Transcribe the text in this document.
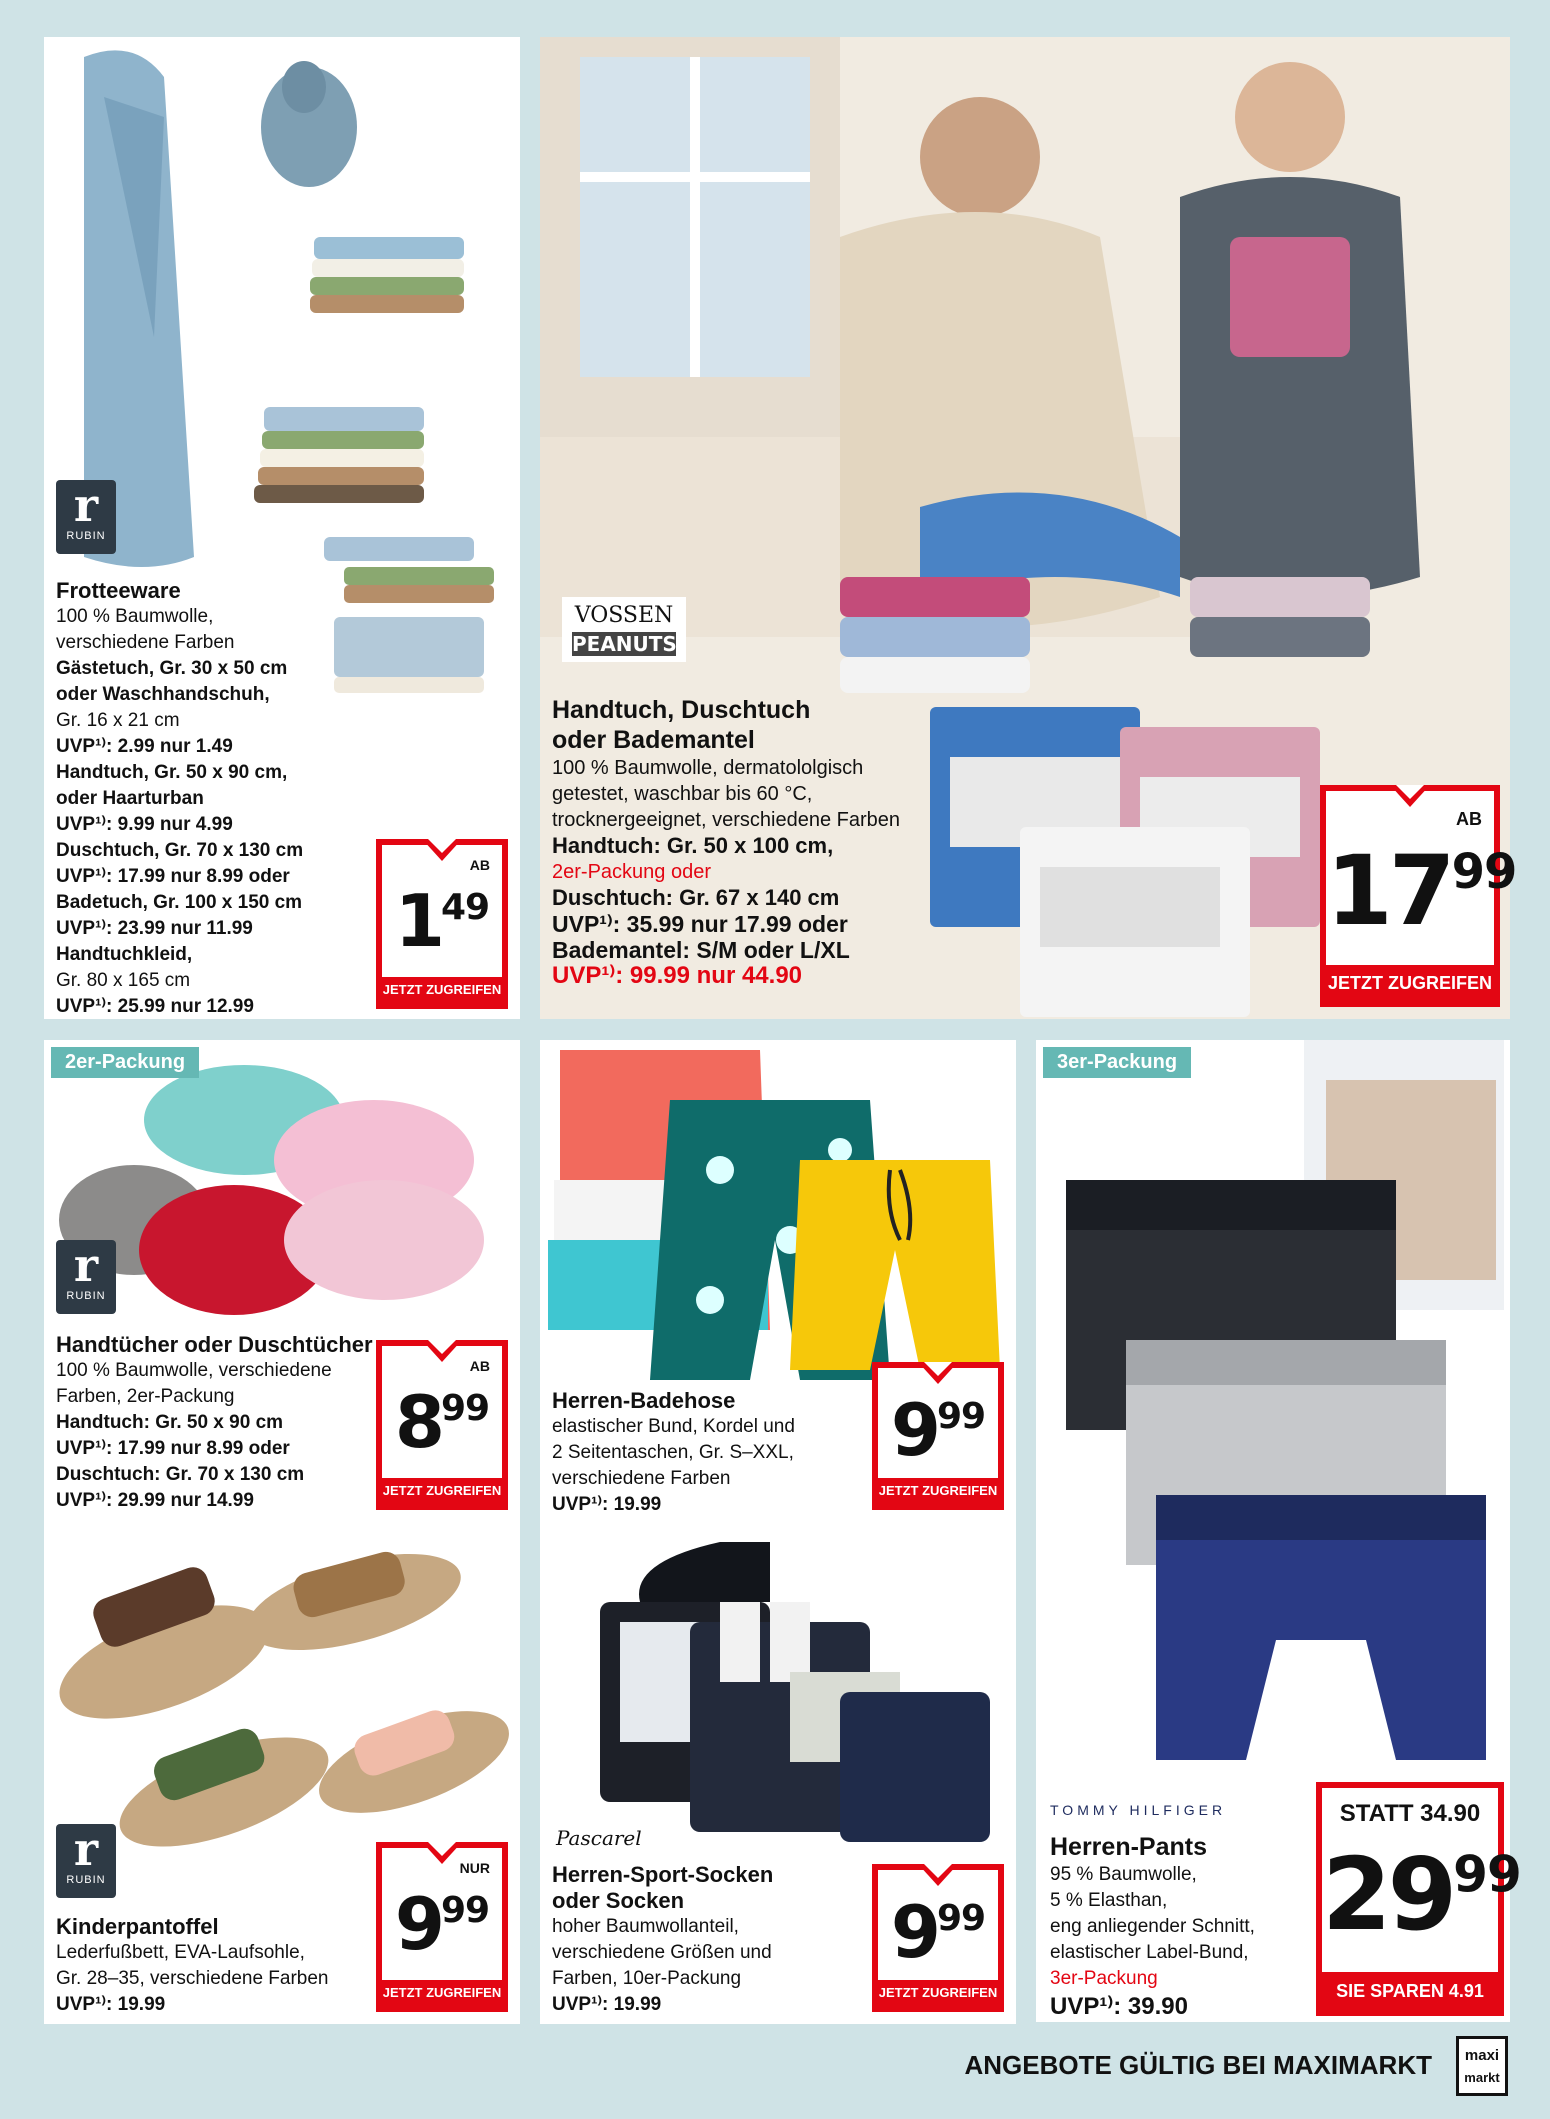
r
RUBIN
Frotteeware
100 % Baumwolle,
verschiedene Farben
Gästetuch, Gr. 30 x 50 cm
oder Waschhandschuh,
Gr. 16 x 21 cm
UVP¹⁾: 2.99 nur 1.49
Handtuch, Gr. 50 x 90 cm,
oder Haarturban
UVP¹⁾: 9.99 nur 4.99
Duschtuch, Gr. 70 x 130 cm
UVP¹⁾: 17.99 nur 8.99 oder
Badetuch, Gr. 100 x 150 cm
UVP¹⁾: 23.99 nur 11.99
Handtuchkleid,
Gr. 80 x 165 cm
UVP¹⁾: 25.99 nur 12.99
AB
$1^{49}$
JETZT ZUGREIFEN
VOSSEN
PEANUTS
Handtuch, Duschtuch
oder Bademantel
100 % Baumwolle, dermatololgisch
getestet, waschbar bis 60 °C,
trocknergeeignet, verschiedene Farben
Handtuch: Gr. 50 x 100 cm,
2er-Packung oder
Duschtuch: Gr. 67 x 140 cm
UVP¹⁾: 35.99 nur 17.99 oder
Bademantel: S/M oder L/XL
UVP¹⁾: 99.99 nur 44.90
AB
$17^{99}$
JETZT ZUGREIFEN
2er-Packung
r
RUBIN
Handtücher oder Duschtücher
100 % Baumwolle, verschiedene
Farben, 2er-Packung
Handtuch: Gr. 50 x 90 cm
UVP¹⁾: 17.99 nur 8.99 oder
Duschtuch: Gr. 70 x 130 cm
UVP¹⁾: 29.99 nur 14.99
AB
$8^{99}$
JETZT ZUGREIFEN
Herren-Badehose
elastischer Bund, Kordel und
2 Seitentaschen, Gr. S–XXL,
verschiedene Farben
UVP¹⁾: 19.99
$9^{99}$
JETZT ZUGREIFEN
3er-Packung
TOMMY HILFIGER
Herren-Pants
95 % Baumwolle,
5 % Elasthan,
eng anliegender Schnitt,
elastischer Label-Bund,
3er-Packung
UVP¹⁾: 39.90
STATT 34.90
$29^{99}$
SIE SPAREN 4.91
r
RUBIN
Kinderpantoffel
Lederfußbett, EVA-Laufsohle,
Gr. 28–35, verschiedene Farben
UVP¹⁾: 19.99
NUR
$9^{99}$
JETZT ZUGREIFEN
Pascarel
Herren-Sport-Socken
oder Socken
hoher Baumwollanteil,
verschiedene Größen und
Farben, 10er-Packung
UVP¹⁾: 19.99
$9^{99}$
JETZT ZUGREIFEN
ANGEBOTE GÜLTIG BEI MAXIMARKT	maxi
markt
